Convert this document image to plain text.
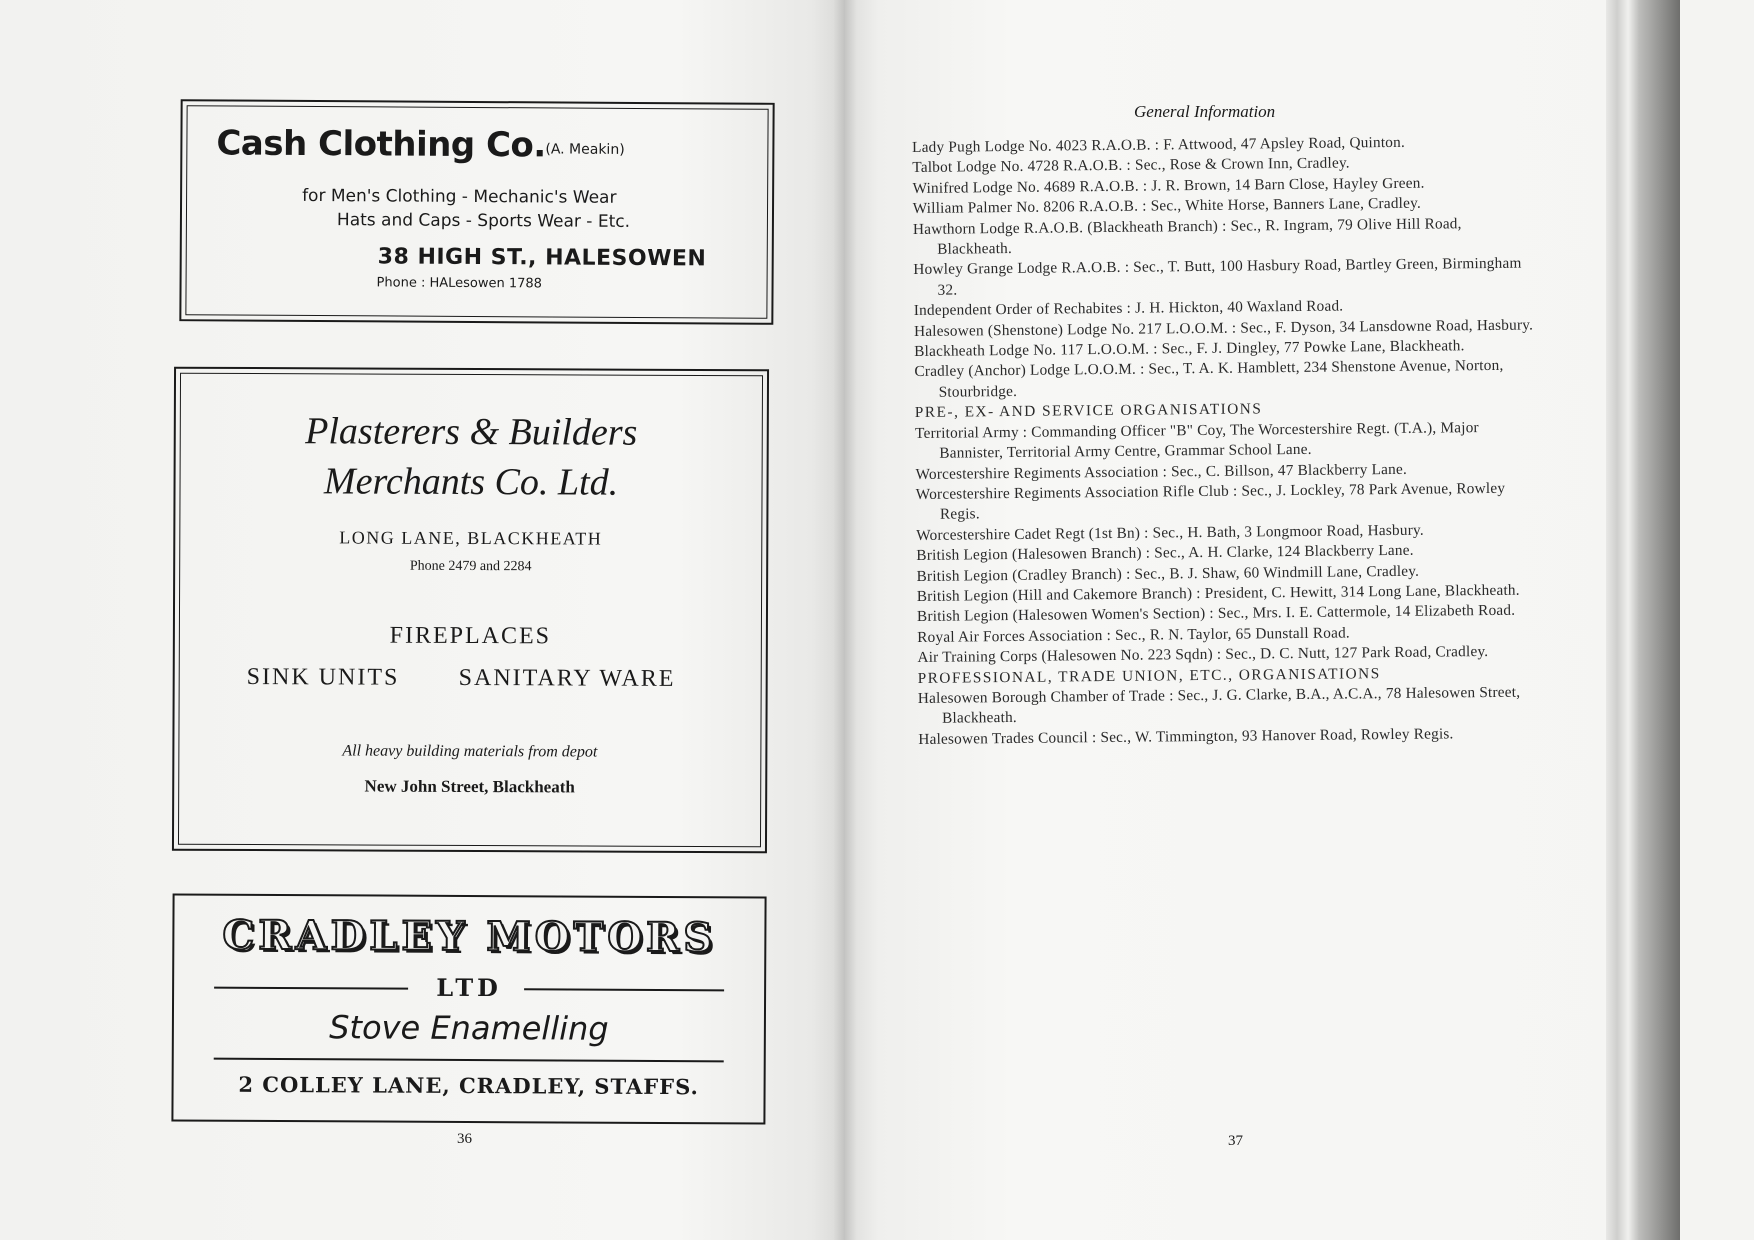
Cash Clothing Co. (A. Meakin)
for Men's Clothing - Mechanic's Wear
Hats and Caps - Sports Wear - Etc.
38 HIGH ST., HALESOWEN
Phone : HALesowen 1788
Plasterers & Builders
Merchants Co. Ltd.
LONG LANE, BLACKHEATH
Phone 2479 and 2284
FIREPLACES
SINK UNITS SANITARY WARE
All heavy building materials from depot
New John Street, Blackheath
CRADLEY MOTORS
LTD
Stove Enamelling
2 COLLEY LANE, CRADLEY, STAFFS.
36
General Information
Lady Pugh Lodge No. 4023 R.A.O.B. : F. Attwood, 47 Apsley Road, Quinton.
Talbot Lodge No. 4728 R.A.O.B. : Sec., Rose & Crown Inn, Cradley.
Winifred Lodge No. 4689 R.A.O.B. : J. R. Brown, 14 Barn Close, Hayley Green.
William Palmer No. 8206 R.A.O.B. : Sec., White Horse, Banners Lane, Cradley.
Hawthorn Lodge R.A.O.B. (Blackheath Branch) : Sec., R. Ingram, 79 Olive Hill Road, Blackheath.
Howley Grange Lodge R.A.O.B. : Sec., T. Butt, 100 Hasbury Road, Bartley Green, Birmingham 32.
Independent Order of Rechabites : J. H. Hickton, 40 Waxland Road.
Halesowen (Shenstone) Lodge No. 217 L.O.O.M. : Sec., F. Dyson, 34 Lansdowne Road, Hasbury.
Blackheath Lodge No. 117 L.O.O.M. : Sec., F. J. Dingley, 77 Powke Lane, Blackheath.
Cradley (Anchor) Lodge L.O.O.M. : Sec., T. A. K. Hamblett, 234 Shenstone Avenue, Norton, Stourbridge.
PRE-, EX- AND SERVICE ORGANISATIONS
Territorial Army : Commanding Officer "B" Coy, The Worcestershire Regt. (T.A.), Major Bannister, Territorial Army Centre, Grammar School Lane.
Worcestershire Regiments Association : Sec., C. Billson, 47 Blackberry Lane.
Worcestershire Regiments Association Rifle Club : Sec., J. Lockley, 78 Park Avenue, Rowley Regis.
Worcestershire Cadet Regt (1st Bn) : Sec., H. Bath, 3 Longmoor Road, Hasbury.
British Legion (Halesowen Branch) : Sec., A. H. Clarke, 124 Blackberry Lane.
British Legion (Cradley Branch) : Sec., B. J. Shaw, 60 Windmill Lane, Cradley.
British Legion (Hill and Cakemore Branch) : President, C. Hewitt, 314 Long Lane, Blackheath.
British Legion (Halesowen Women's Section) : Sec., Mrs. I. E. Cattermole, 14 Elizabeth Road.
Royal Air Forces Association : Sec., R. N. Taylor, 65 Dunstall Road.
Air Training Corps (Halesowen No. 223 Sqdn) : Sec., D. C. Nutt, 127 Park Road, Cradley.
PROFESSIONAL, TRADE UNION, ETC., ORGANISATIONS
Halesowen Borough Chamber of Trade : Sec., J. G. Clarke, B.A., A.C.A., 78 Halesowen Street, Blackheath.
Halesowen Trades Council : Sec., W. Timmington, 93 Hanover Road, Rowley Regis.
37
